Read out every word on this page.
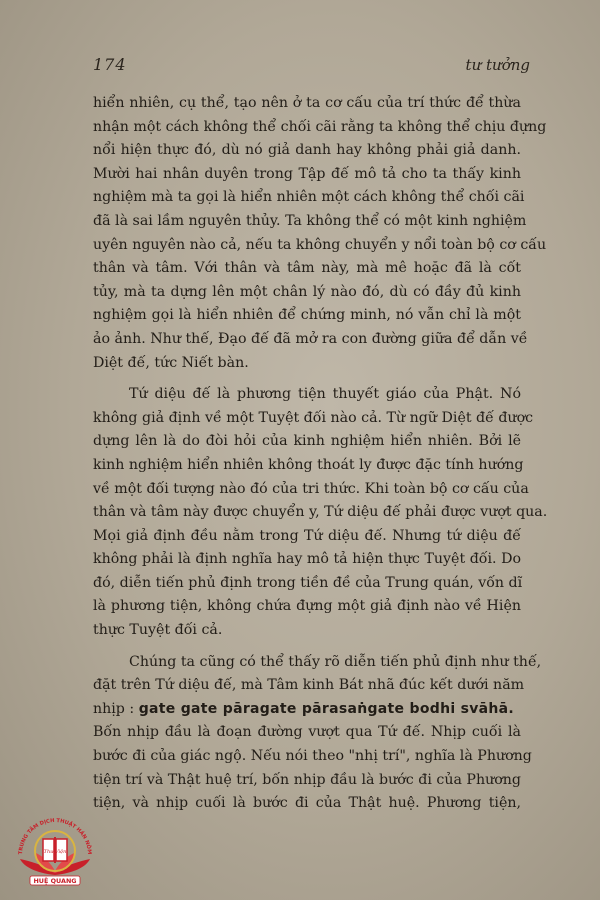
174	tư tưởng
hiển nhiên, cụ thể, tạo nên ở ta cơ cấu của trí thức để thừa
nhận một cách không thể chối cãi rằng ta không thể chịu đựng
nổi hiện thực đó, dù nó giả danh hay không phải giả danh.
Mười hai nhân duyên trong Tập đế mô tả cho ta thấy kinh
nghiệm mà ta gọi là hiển nhiên một cách không thể chối cãi
đã là sai lầm nguyên thủy. Ta không thể có một kinh nghiệm
uyên nguyên nào cả, nếu ta không chuyển y nổi toàn bộ cơ cấu
thân và tâm. Với thân và tâm này, mà mê hoặc đã là cốt
tủy, mà ta dựng lên một chân lý nào đó, dù có đầy đủ kinh
nghiệm gọi là hiển nhiên để chứng minh, nó vẫn chỉ là một
ảo ảnh. Như thế, Đạo đế đã mở ra con đường giữa để dẫn về
Diệt đế, tức Niết bàn.
Tứ diệu đế là phương tiện thuyết giáo của Phật. Nó
không giả định về một Tuyệt đối nào cả. Từ ngữ Diệt đế được
dựng lên là do đòi hỏi của kinh nghiệm hiển nhiên. Bởi lẽ
kinh nghiệm hiển nhiên không thoát ly được đặc tính hướng
về một đối tượng nào đó của tri thức. Khi toàn bộ cơ cấu của
thân và tâm này được chuyển y, Tứ diệu đế phải được vượt qua.
Mọi giả định đều nằm trong Tứ diệu đế. Nhưng tứ diệu đế
không phải là định nghĩa hay mô tả hiện thực Tuyệt đối. Do
đó, diễn tiến phủ định trong tiền đề của Trung quán, vốn dĩ
là phương tiện, không chứa đựng một giả định nào về Hiện
thực Tuyệt đối cả.
Chúng ta cũng có thể thấy rõ diễn tiến phủ định như thế,
đặt trên Tứ diệu đế, mà Tâm kinh Bát nhã đúc kết dưới năm
nhịp : gate gate pāragate pārasaṅgate bodhi svāhā.
Bốn nhịp đầu là đoạn đường vượt qua Tứ đế. Nhịp cuối là
bước đi của giác ngộ. Nếu nói theo "nhị trí", nghĩa là Phương
tiện trí và Thật huệ trí, bốn nhịp đầu là bước đi của Phương
tiện, và nhịp cuối là bước đi của Thật huệ. Phương tiện,
TRUNG TÂM DỊCH THUẬT HÁN NÔM
Thư Viện
HUỆ QUANG
